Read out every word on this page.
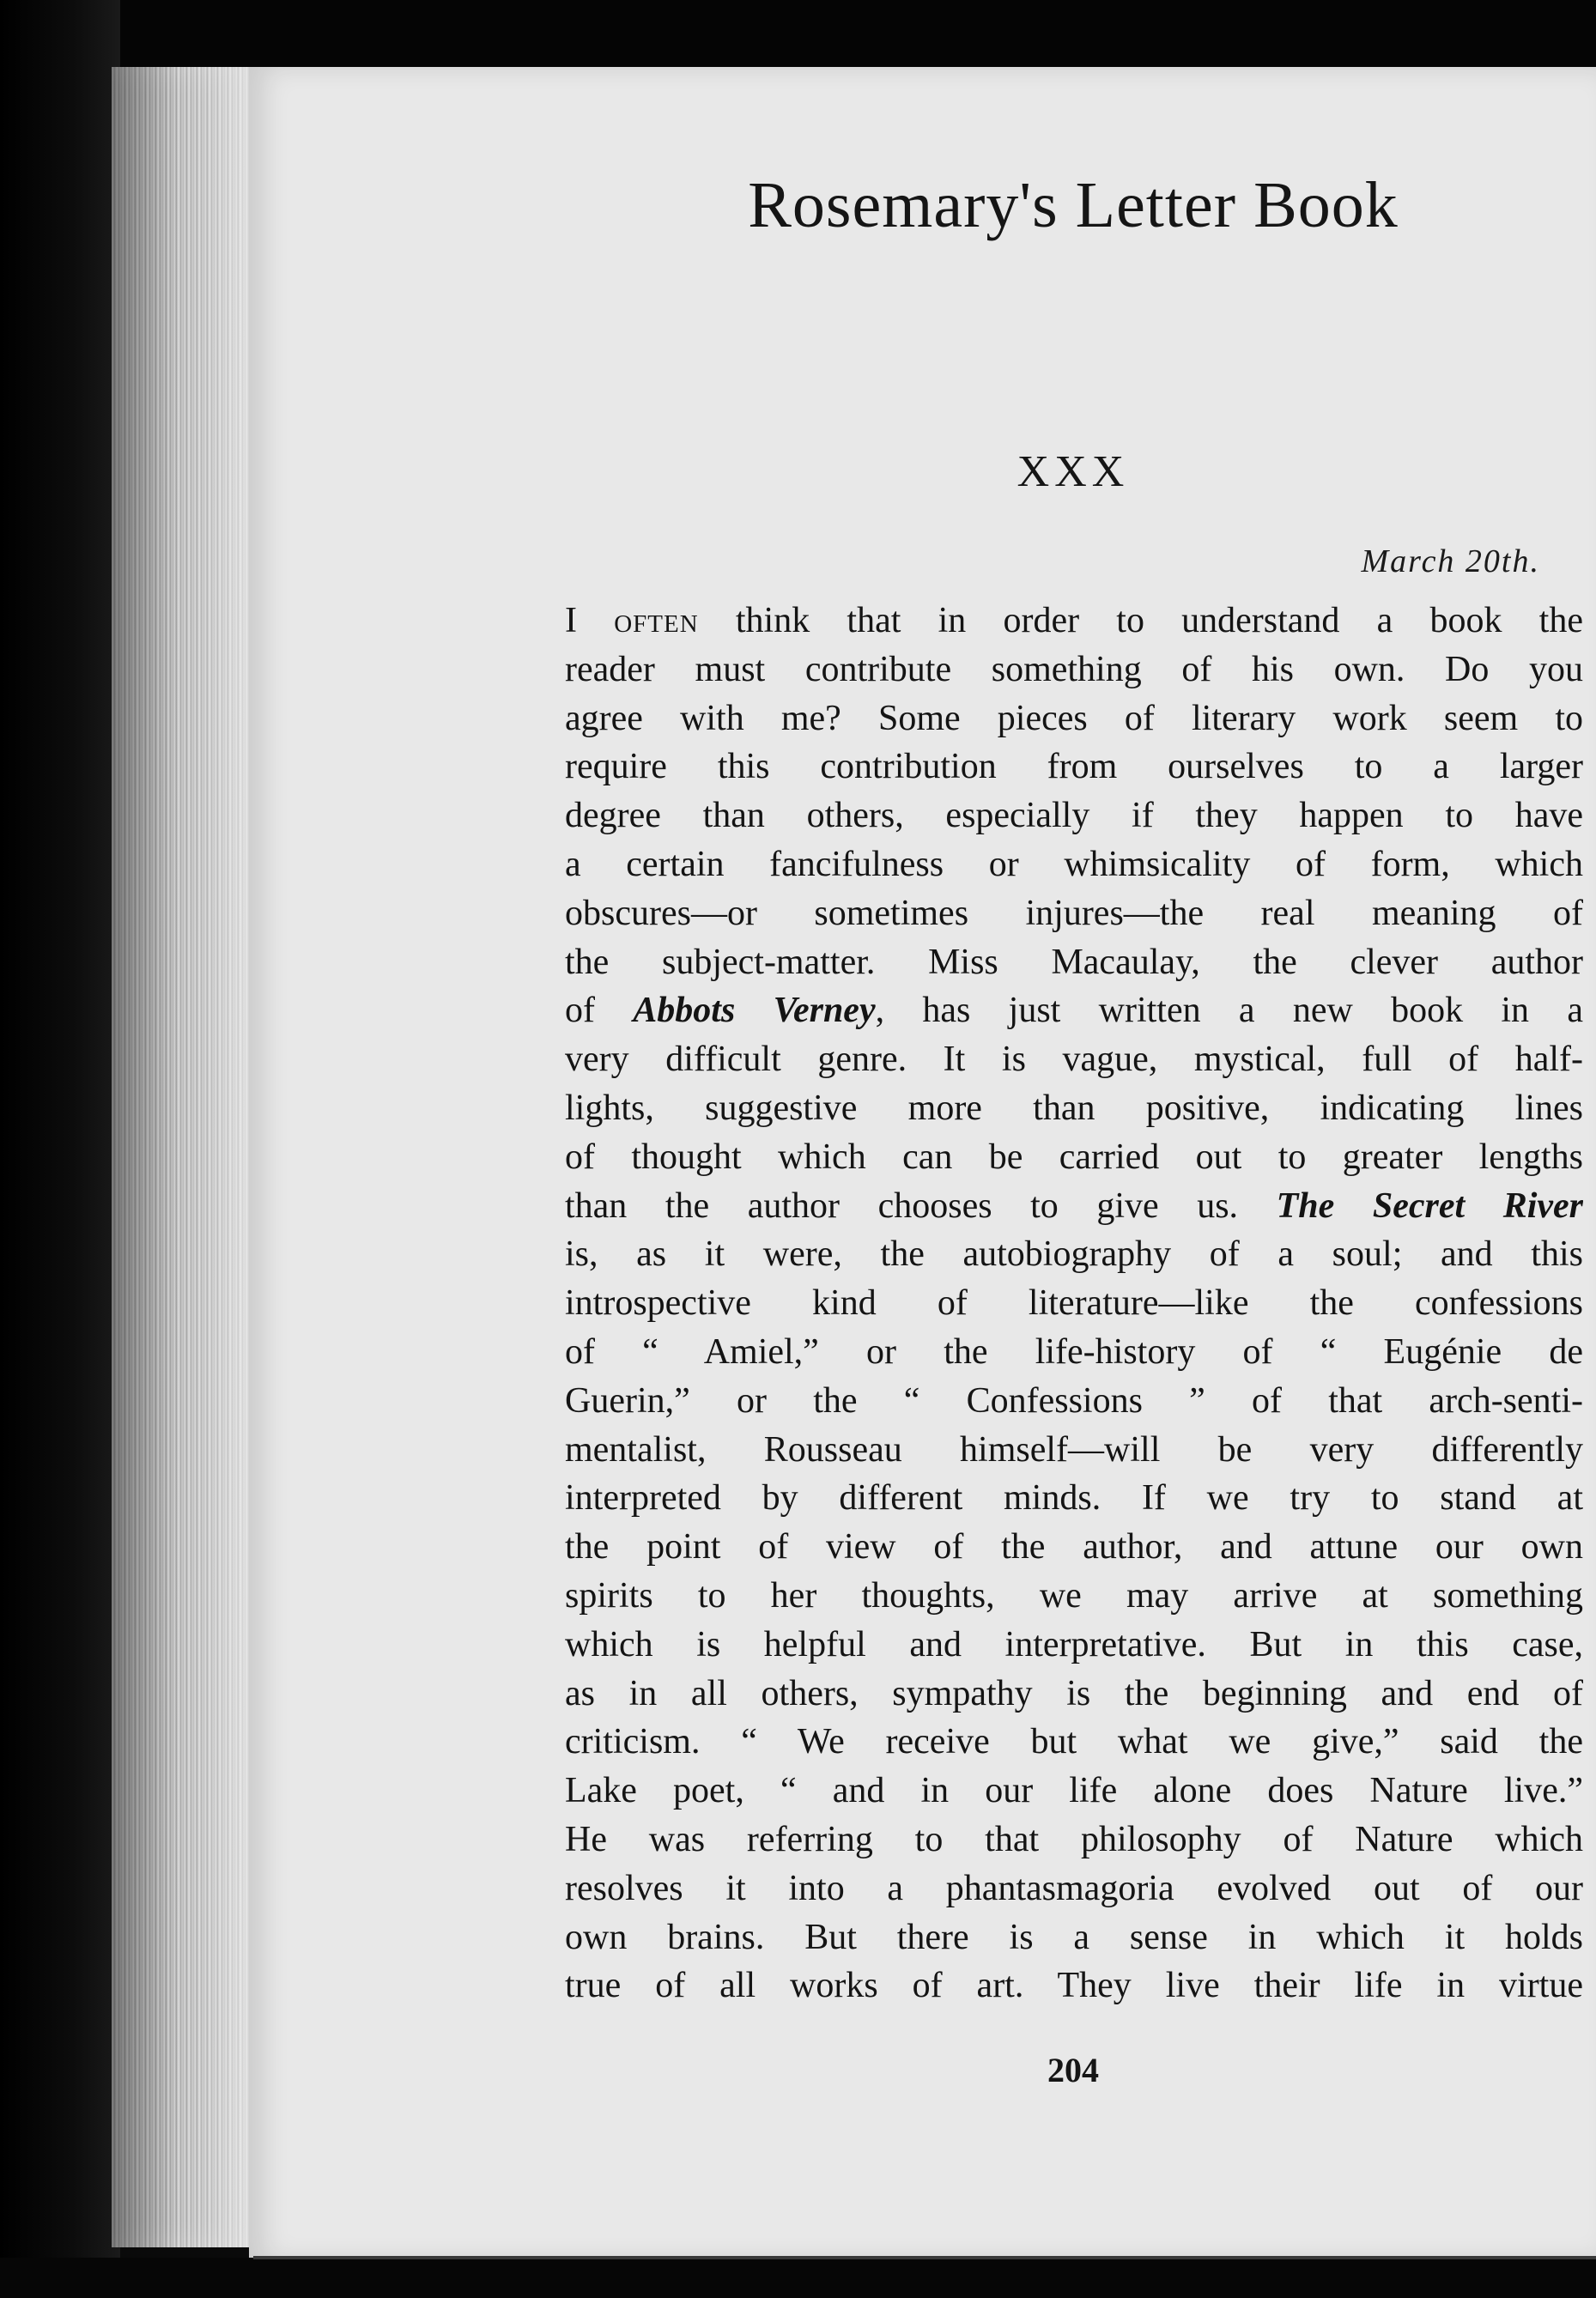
Rosemary's Letter Book
XXX
March 20th.
I often think that in order to understand a book the
reader must contribute something of his own. Do you
agree with me? Some pieces of literary work seem to
require this contribution from ourselves to a larger
degree than others, especially if they happen to have
a certain fancifulness or whimsicality of form, which
obscures—or sometimes injures—the real meaning of
the subject-matter. Miss Macaulay, the clever author
of Abbots Verney, has just written a new book in a
very difficult genre. It is vague, mystical, full of half-
lights, suggestive more than positive, indicating lines
of thought which can be carried out to greater lengths
than the author chooses to give us. The Secret River
is, as it were, the autobiography of a soul; and this
introspective kind of literature—like the confessions
of “ Amiel,” or the life-history of “ Eugénie de
Guerin,” or the “ Confessions ” of that arch-senti-
mentalist, Rousseau himself—will be very differently
interpreted by different minds. If we try to stand at
the point of view of the author, and attune our own
spirits to her thoughts, we may arrive at something
which is helpful and interpretative. But in this case,
as in all others, sympathy is the beginning and end of
criticism. “ We receive but what we give,” said the
Lake poet, “ and in our life alone does Nature live.”
He was referring to that philosophy of Nature which
resolves it into a phantasmagoria evolved out of our
own brains. But there is a sense in which it holds
true of all works of art. They live their life in virtue
204
